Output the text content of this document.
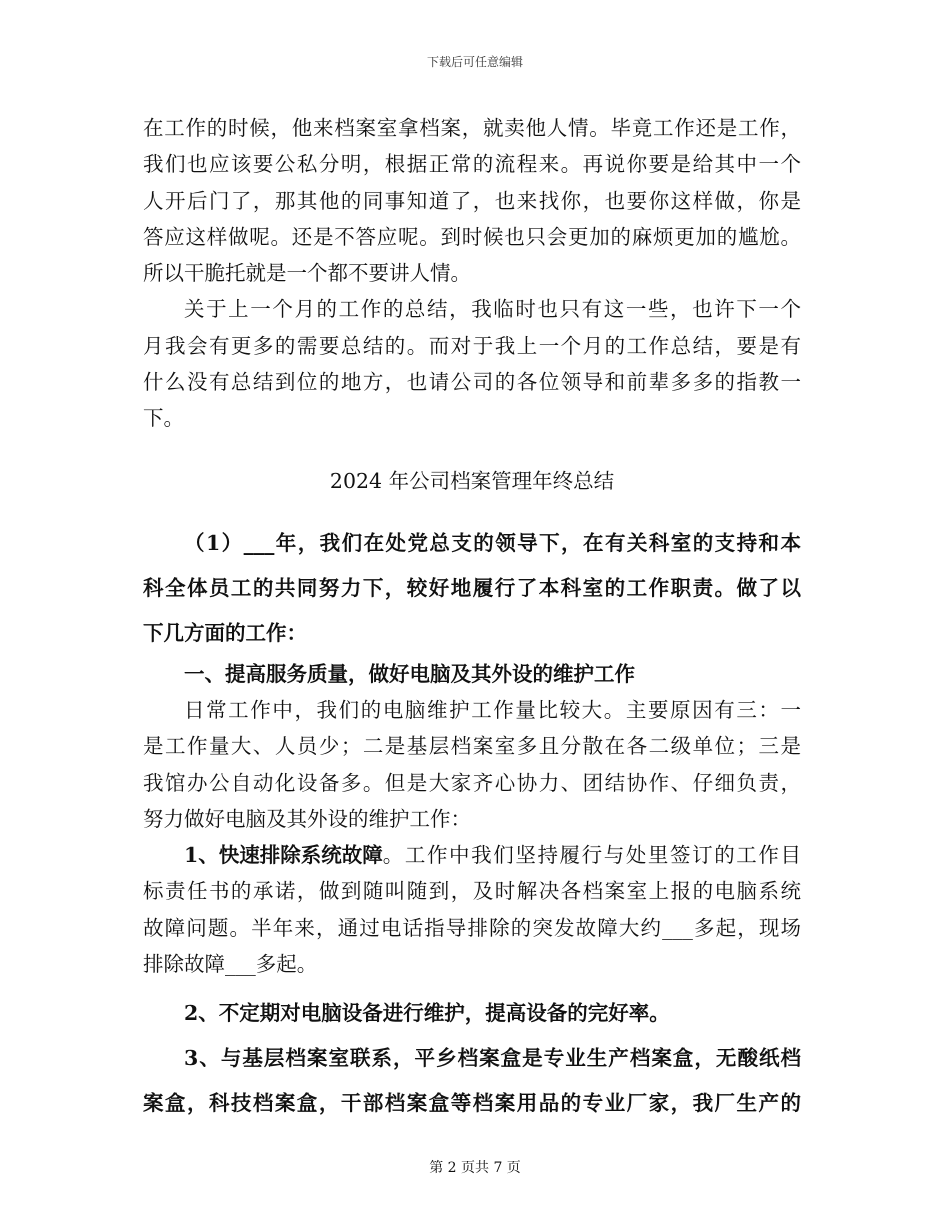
下载后可任意编辑
在工作的时候，他来档案室拿档案，就卖他人情。毕竟工作还是工作，
我们也应该要公私分明，根据正常的流程来。再说你要是给其中一个
人开后门了，那其他的同事知道了，也来找你，也要你这样做，你是
答应这样做呢。还是不答应呢。到时候也只会更加的麻烦更加的尴尬。
所以干脆托就是一个都不要讲人情。
关于上一个月的工作的总结，我临时也只有这一些，也许下一个
月我会有更多的需要总结的。而对于我上一个月的工作总结，要是有
什么没有总结到位的地方，也请公司的各位领导和前辈多多的指教一
下。
2024 年公司档案管理年终总结
（1）___年，我们在处党总支的领导下，在有关科室的支持和本
科全体员工的共同努力下，较好地履行了本科室的工作职责。做了以
下几方面的工作：
一、提高服务质量，做好电脑及其外设的维护工作
日常工作中，我们的电脑维护工作量比较大。主要原因有三：一
是工作量大、人员少；二是基层档案室多且分散在各二级单位；三是
我馆办公自动化设备多。但是大家齐心协力、团结协作、仔细负责，
努力做好电脑及其外设的维护工作：
1、快速排除系统故障 。工作中我们坚持履行与处里签订的工作目
标责任书的承诺，做到随叫随到，及时解决各档案室上报的电脑系统
故障问题。半年来，通过电话指导排除的突发故障大约___多起，现场
排除故障___多起。
2、不定期对电脑设备进行维护，提高设备的完好率。
3、与基层档案室联系，平乡档案盒是专业生产档案盒，无酸纸档
案盒，科技档案盒，干部档案盒等档案用品的专业厂家，我厂生产的
第 2 页共 7 页
